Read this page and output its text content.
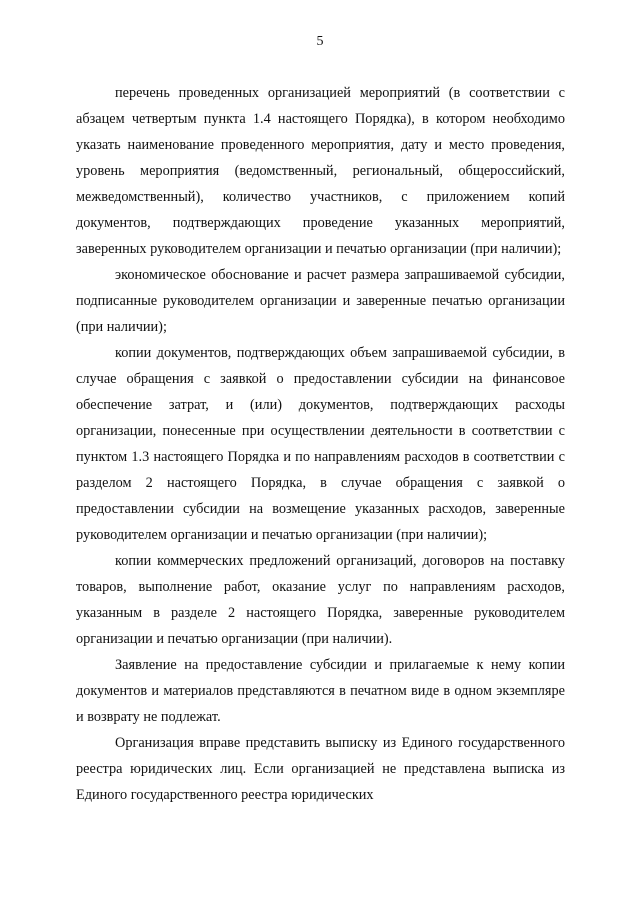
5

перечень проведенных организацией мероприятий (в соответствии с абзацем четвертым пункта 1.4 настоящего Порядка), в котором необходимо указать наименование проведенного мероприятия, дату и место проведения, уровень мероприятия (ведомственный, региональный, общероссийский, межведомственный), количество участников, с приложением копий документов, подтверждающих проведение указанных мероприятий, заверенных руководителем организации и печатью организации (при наличии);

экономическое обоснование и расчет размера запрашиваемой субсидии, подписанные руководителем организации и заверенные печатью организации (при наличии);

копии документов, подтверждающих объем запрашиваемой субсидии, в случае обращения с заявкой о предоставлении субсидии на финансовое обеспечение затрат, и (или) документов, подтверждающих расходы организации, понесенные при осуществлении деятельности в соответствии с пунктом 1.3 настоящего Порядка и по направлениям расходов в соответствии с разделом 2 настоящего Порядка, в случае обращения с заявкой о предоставлении субсидии на возмещение указанных расходов, заверенные руководителем организации и печатью организации (при наличии);

копии коммерческих предложений организаций, договоров на поставку товаров, выполнение работ, оказание услуг по направлениям расходов, указанным в разделе 2 настоящего Порядка, заверенные руководителем организации и печатью организации (при наличии).

Заявление на предоставление субсидии и прилагаемые к нему копии документов и материалов представляются в печатном виде в одном экземпляре и возврату не подлежат.

Организация вправе представить выписку из Единого государственного реестра юридических лиц. Если организацией не представлена выписка из Единого государственного реестра юридических
